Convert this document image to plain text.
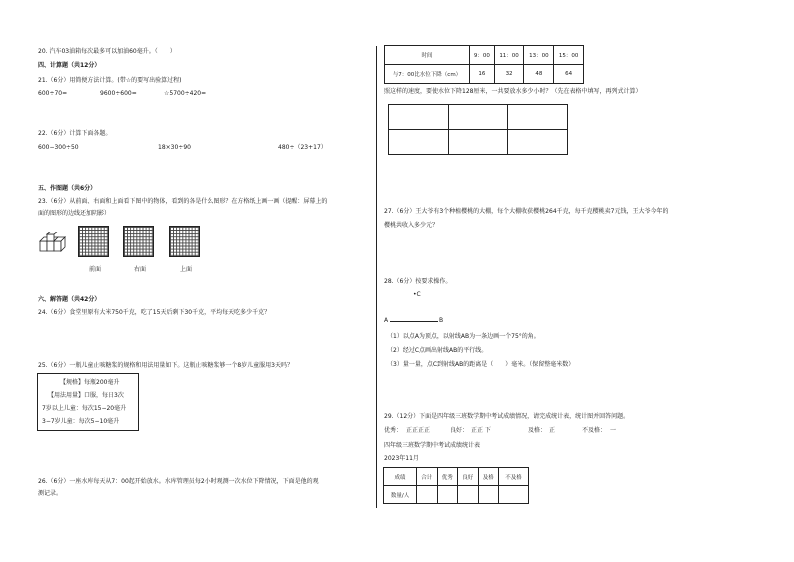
20. 汽车03油箱每次最多可以加油60毫升。（　　）
四、计算题（共12分）
21.（6分）用简便方法计算。(带☆的要写出验算过程)
600÷70=	9600÷600=	☆5700÷420=
22.（6分）计算下面各题。
600−300÷50	18×30÷90	480÷（23+17）
五、作图题（共6分）
23.（6分）从前面、右面和上面看下图中的物体，看到的各是什么图形？在方格纸上画一画（提醒：屏幕上的
面的图形的边线还加阴影）
前面	右面	上面
六、解答题（共42分）
24.（6分）食堂里原有大米750千克，吃了15天后剩下30千克，平均每天吃多少千克？
25.（6分）一瓶儿童止咳糖浆的规格和用法用量如下。这瓶止咳糖浆够一个8岁儿童服用3天吗？
【规格】每瓶200毫升
【用法用量】口服，每日3次
7岁以上儿童：每次15−20毫升
3−7岁儿童：每次5−10毫升
26.（6分）一座水库每天从7：00起开始放水。水库管理员每2小时观测一次水位下降情况，下面是他的观
测记录。
时间	9：00	11：00	13：00	15：00
与7：00比水位下降（cm）	16	32	48	64
照这样的速度，要使水位下降128厘米，一共要放水多少小时？（先在表格中填写，再列式计算）

27.（6分）王大爷有3个种植樱桃的大棚，每个大棚收获樱桃264千克，每千克樱桃卖7元钱，王大爷今年的
樱桃共收入多少元？
28.（6分）按要求操作。
•C
A	B
（1）以点A为顶点，以射线AB为一条边画一个75°的角。
（2）经过C点画出射线AB的平行线。
（3）量一量，点C到射线AB的距离是（　　）毫米。（保留整毫米数）
29.（12分）下面是四年级三班数学期中考试成绩情况，请完成统计表，统计图并回答问题。
优秀： 正正正正	良好： 正正 下	及格： 正	不及格： 一
四年级三班数学期中考试成绩统计表
2023年11月
成绩	合计	优秀	良好	及格	不及格
数量/人					
